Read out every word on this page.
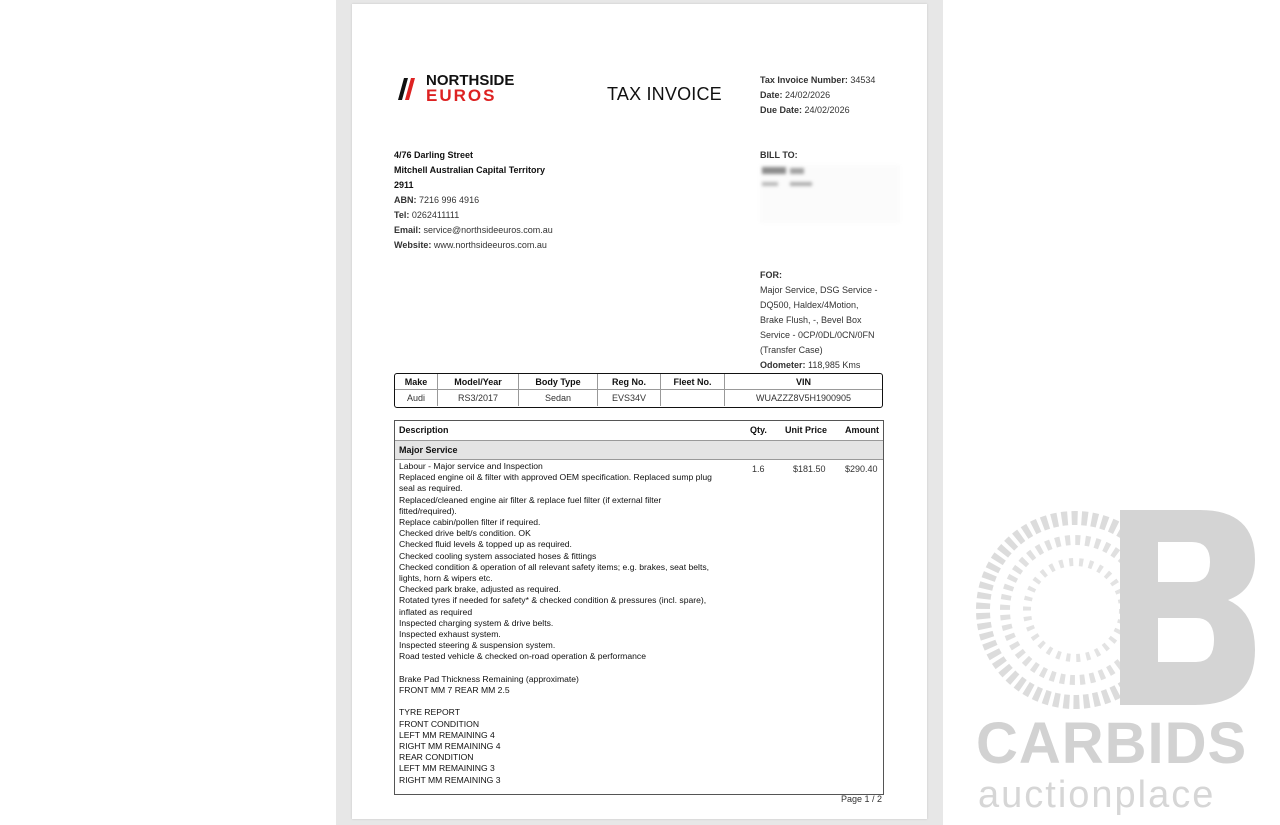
NORTHSIDE
EUROS	TAX INVOICE
Tax Invoice Number: 34534
Date: 24/02/2026
Due Date: 24/02/2026
4/76 Darling Street
Mitchell Australian Capital Territory
2911
ABN: 7216 996 4916
Tel: 0262411111
Email: service@northsideeuros.com.au
Website: www.northsideeuros.com.au
BILL TO:
FOR:
Major Service, DSG Service -
DQ500, Haldex/4Motion,
Brake Flush, -, Bevel Box
Service - 0CP/0DL/0CN/0FN
(Transfer Case)
Odometer: 118,985 Kms
Make	Model/Year	Body Type	Reg No.	Fleet No.	VIN
Audi	RS3/2017	Sedan	EVS34V		WUAZZZ8V5H1900905
Description	Qty. Unit Price Amount
Major Service
Labour - Major service and Inspection
Replaced engine oil & filter with approved OEM specification. Replaced sump plug
seal as required.
Replaced/cleaned engine air filter & replace fuel filter (if external filter
fitted/required).
Replace cabin/pollen filter if required.
Checked drive belt/s condition. OK
Checked fluid levels & topped up as required.
Checked cooling system associated hoses & fittings
Checked condition & operation of all relevant safety items; e.g. brakes, seat belts,
lights, horn & wipers etc.
Checked park brake, adjusted as required.
Rotated tyres if needed for safety* & checked condition & pressures (incl. spare),
inflated as required
Inspected charging system & drive belts.
Inspected exhaust system.
Inspected steering & suspension system.
Road tested vehicle & checked on-road operation & performance
Brake Pad Thickness Remaining (approximate)
FRONT MM 7 REAR MM 2.5
TYRE REPORT
FRONT CONDITION
LEFT MM REMAINING 4
RIGHT MM REMAINING 4
REAR CONDITION
LEFT MM REMAINING 3
RIGHT MM REMAINING 3
1.6	$181.50 $290.40
Page 1 / 2
CARBIDS
auctionplace
